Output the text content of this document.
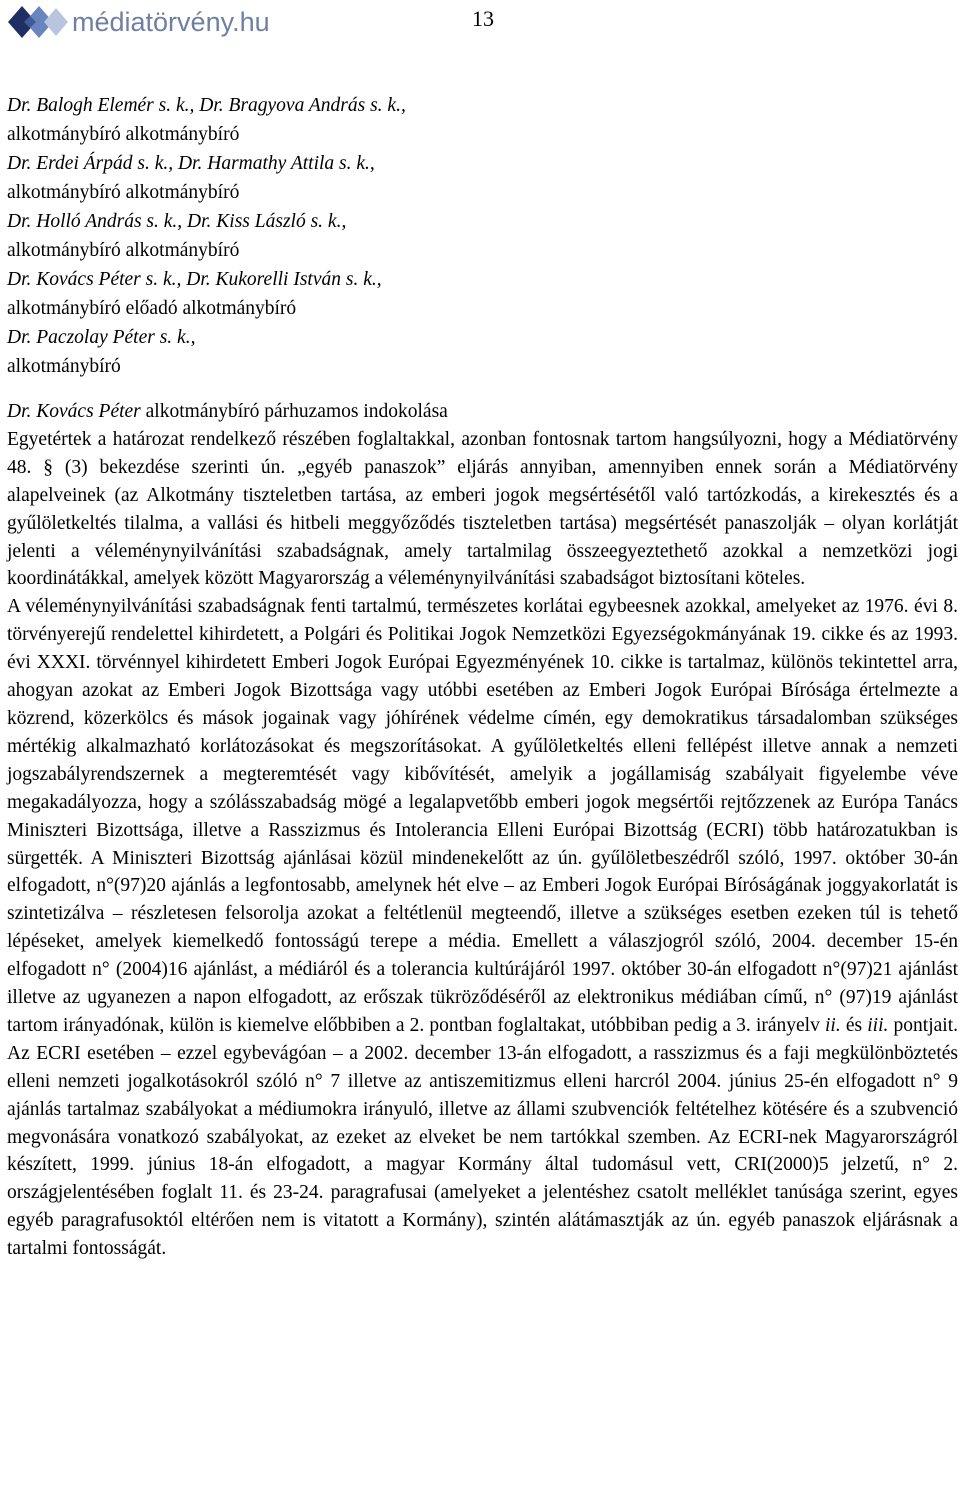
médiatörvény.hu	13
Dr. Balogh Elemér s. k., Dr. Bragyova András s. k.,
alkotmánybíró alkotmánybíró
Dr. Erdei Árpád s. k., Dr. Harmathy Attila s. k.,
alkotmánybíró alkotmánybíró
Dr. Holló András s. k., Dr. Kiss László s. k.,
alkotmánybíró alkotmánybíró
Dr. Kovács Péter s. k., Dr. Kukorelli István s. k.,
alkotmánybíró előadó alkotmánybíró
Dr. Paczolay Péter s. k.,
alkotmánybíró

Dr. Kovács Péter alkotmánybíró párhuzamos indokolása

Egyetértek a határozat rendelkező részében foglaltakkal, azonban fontosnak tartom hangsúlyozni, hogy a Médiatörvény 48. § (3) bekezdése szerinti ún. „egyéb panaszok” eljárás annyiban, amennyiben ennek során a Médiatörvény alapelveinek (az Alkotmány tiszteletben tartása, az emberi jogok megsértésétől való tartózkodás, a kirekesztés és a gyűlöletkeltés tilalma, a vallási és hitbeli meggyőződés tiszteletben tartása) megsértését panaszolják – olyan korlátját jelenti a véleménynyilvánítási szabadságnak, amely tartalmilag összeegyeztethető azokkal a nemzetközi jogi koordinátákkal, amelyek között Magyarország a véleménynyilvánítási szabadságot biztosítani köteles.

A véleménynyilvánítási szabadságnak fenti tartalmú, természetes korlátai egybeesnek azokkal, amelyeket az 1976. évi 8. törvényerejű rendelettel kihirdetett, a Polgári és Politikai Jogok Nemzetközi Egyezségokmányának 19. cikke és az 1993. évi XXXI. törvénnyel kihirdetett Emberi Jogok Európai Egyezményének 10. cikke is tartalmaz, különös tekintettel arra, ahogyan azokat az Emberi Jogok Bizottsága vagy utóbbi esetében az Emberi Jogok Európai Bírósága értelmezte a közrend, közerkölcs és mások jogainak vagy jóhírének védelme címén, egy demokratikus társadalomban szükséges mértékig alkalmazható korlátozásokat és megszorításokat. A gyűlöletkeltés elleni fellépést illetve annak a nemzeti jogszabályrendszernek a megteremtését vagy kibővítését, amelyik a jogállamiság szabályait figyelembe véve megakadályozza, hogy a szólásszabadság mögé a legalapvetőbb emberi jogok megsértői rejtőzzenek az Európa Tanács Miniszteri Bizottsága, illetve a Rasszizmus és Intolerancia Elleni Európai Bizottság (ECRI) több határozatukban is sürgették. A Miniszteri Bizottság ajánlásai közül mindenekelőtt az ún. gyűlöletbeszédről szóló, 1997. október 30-án elfogadott, n°(97)20 ajánlás a legfontosabb, amelynek hét elve – az Emberi Jogok Európai Bíróságának joggyakorlatát is szintetizálva – részletesen felsorolja azokat a feltétlenül megteendő, illetve a szükséges esetben ezeken túl is tehető lépéseket, amelyek kiemelkedő fontosságú terepe a média. Emellett a válaszjogról szóló, 2004. december 15-én elfogadott n° (2004)16 ajánlást, a médiáról és a tolerancia kultúrájáról 1997. október 30-án elfogadott n°(97)21 ajánlást illetve az ugyanezen a napon elfogadott, az erőszak tükröződéséről az elektronikus médiában című, n° (97)19 ajánlást tartom irányadónak, külön is kiemelve előbbiben a 2. pontban foglaltakat, utóbbiban pedig a 3. irányelv ii. és iii. pontjait. Az ECRI esetében – ezzel egybevágóan – a 2002. december 13-án elfogadott, a rasszizmus és a faji megkülönböztetés elleni nemzeti jogalkotásokról szóló n° 7 illetve az antiszemitizmus elleni harcról 2004. június 25-én elfogadott n° 9 ajánlás tartalmaz szabályokat a médiumokra irányuló, illetve az állami szubvenciók feltételhez kötésére és a szubvenció megvonására vonatkozó szabályokat, az ezeket az elveket be nem tartókkal szemben. Az ECRI-nek Magyarországról készített, 1999. június 18-án elfogadott, a magyar Kormány által tudomásul vett, CRI(2000)5 jelzetű, n° 2. országjelentésében foglalt 11. és 23-24. paragrafusai (amelyeket a jelentéshez csatolt melléklet tanúsága szerint, egyes egyéb paragrafusoktól eltérően nem is vitatott a Kormány), szintén alátámasztják az ún. egyéb panaszok eljárásnak a tartalmi fontosságát.
